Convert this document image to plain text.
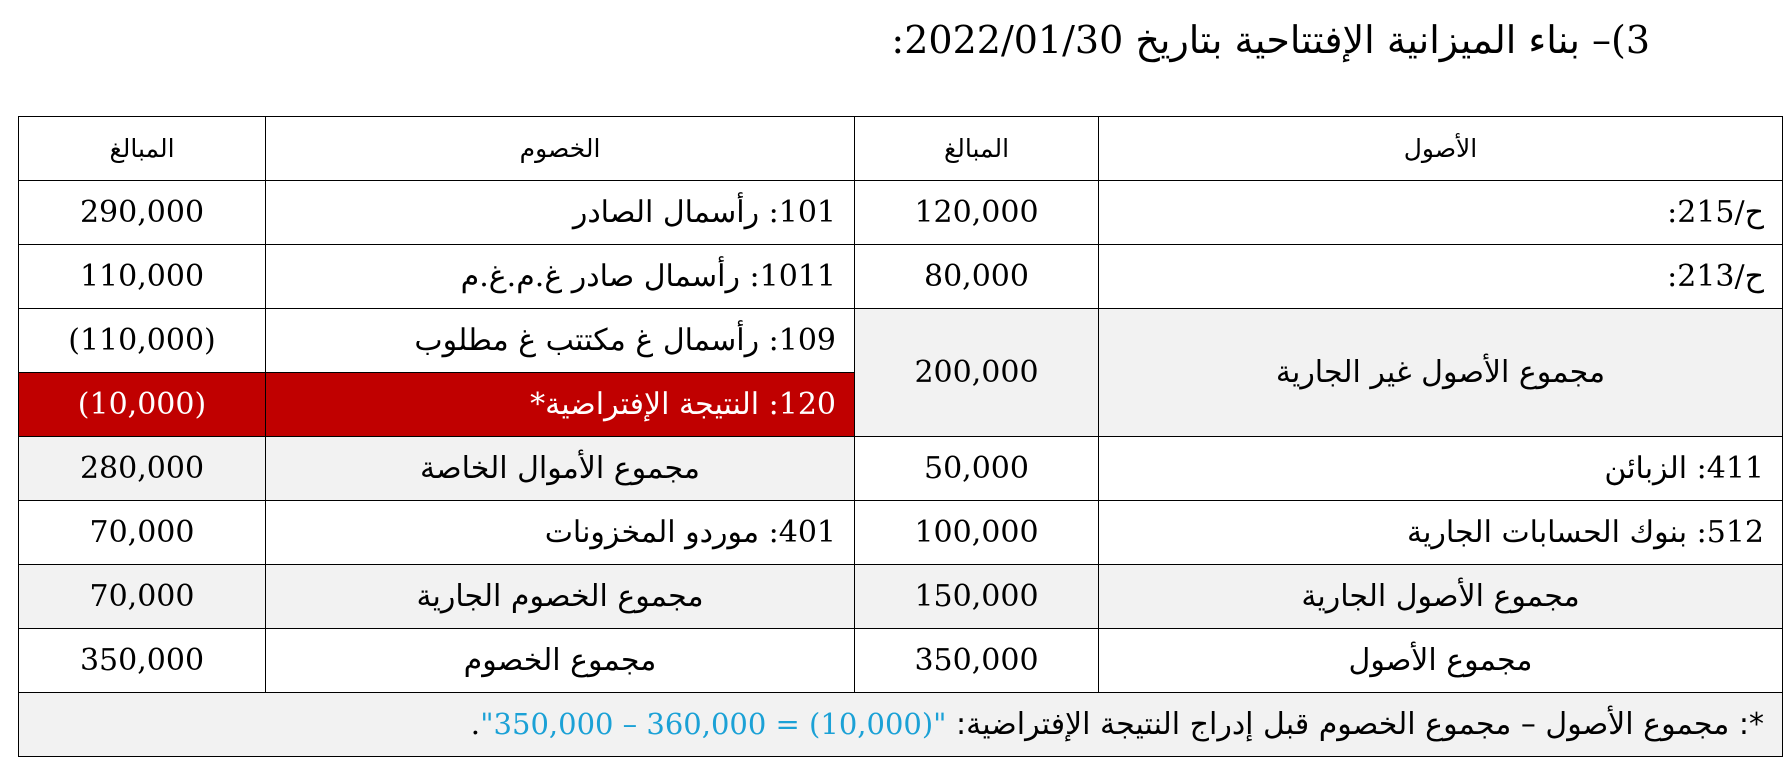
3)– بناء الميزانية الإفتتاحية بتاريخ 2022/01/30:
الأصول	المبالغ	الخصوم	المبالغ
ح/215:	120,000	101: رأسمال الصادر	290,000
ح/213:	80,000	1011: رأسمال صادر غ.م.غ.م	110,000
مجموع الأصول غير الجارية	200,000	109: رأسمال غ مكتتب غ مطلوب	(110,000)
		120: النتيجة الإفتراضية*	(10,000)
411: الزبائن	50,000	مجموع الأموال الخاصة	280,000
512: بنوك الحسابات الجارية	100,000	401: موردو المخزونات	70,000
مجموع الأصول الجارية	150,000	مجموع الخصوم الجارية	70,000
مجموع الأصول	350,000	مجموع الخصوم	350,000
*: مجموع الأصول – مجموع الخصوم قبل إدراج النتيجة الإفتراضية: "350,000 – 360,000 = (10,000)".			
